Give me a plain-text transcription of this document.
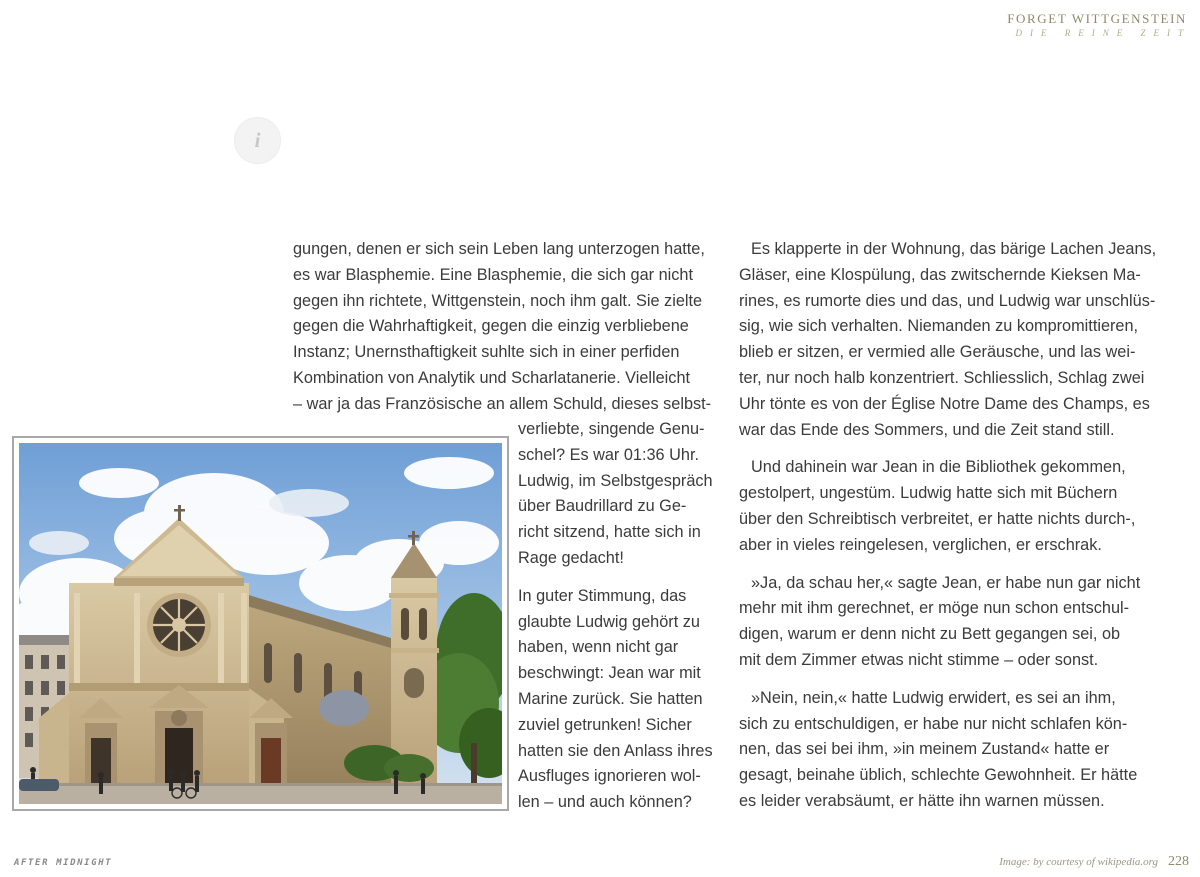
FORGET WITTGENSTEIN
DIE REINE ZEIT
i

gungen, denen er sich sein Leben lang unterzogen hatte,
es war Blasphemie. Eine Blasphemie, die sich gar nicht
gegen ihn richtete, Wittgenstein, noch ihm galt. Sie zielte
gegen die Wahrhaftigkeit, gegen die einzig verbliebene
Instanz; Unernsthaftigkeit suhlte sich in einer perfiden
Kombination von Analytik und Scharlatanerie. Vielleicht
– war ja das Französische an allem Schuld, dieses selbst-

verliebte, singende Genu-
schel? Es war 01:36 Uhr.
Ludwig, im Selbstgespräch
über Baudrillard zu Ge-
richt sitzend, hatte sich in
Rage gedacht!

In guter Stimmung, das
glaubte Ludwig gehört zu
haben, wenn nicht gar
beschwingt: Jean war mit
Marine zurück. Sie hatten
zuviel getrunken! Sicher
hatten sie den Anlass ihres
Ausfluges ignorieren wol-
len – und auch können?

Es klapperte in der Wohnung, das bärige Lachen Jeans,
Gläser, eine Klospülung, das zwitschernde Kieksen Ma-
rines, es rumorte dies und das, und Ludwig war unschlüs-
sig, wie sich verhalten. Niemanden zu kompromittieren,
blieb er sitzen, er vermied alle Geräusche, und las wei-
ter, nur noch halb konzentriert. Schliesslich, Schlag zwei
Uhr tönte es von der Église Notre Dame des Champs, es
war das Ende des Sommers, und die Zeit stand still.

Und dahinein war Jean in die Bibliothek gekommen,
gestolpert, ungestüm. Ludwig hatte sich mit Büchern
über den Schreibtisch verbreitet, er hatte nichts durch-,
aber in vieles reingelesen, verglichen, er erschrak.

»Ja, da schau her,« sagte Jean, er habe nun gar nicht
mehr mit ihm gerechnet, er möge nun schon entschul-
digen, warum er denn nicht zu Bett gegangen sei, ob
mit dem Zimmer etwas nicht stimme – oder sonst.

»Nein, nein,« hatte Ludwig erwidert, es sei an ihm,
sich zu entschuldigen, er habe nur nicht schlafen kön-
nen, das sei bei ihm, »in meinem Zustand« hatte er
gesagt, beinahe üblich, schlechte Gewohnheit. Er hätte
es leider verabsäumt, er hätte ihn warnen müssen.

AFTER MIDNIGHT	Image: by courtesy of wikipedia.org 228
